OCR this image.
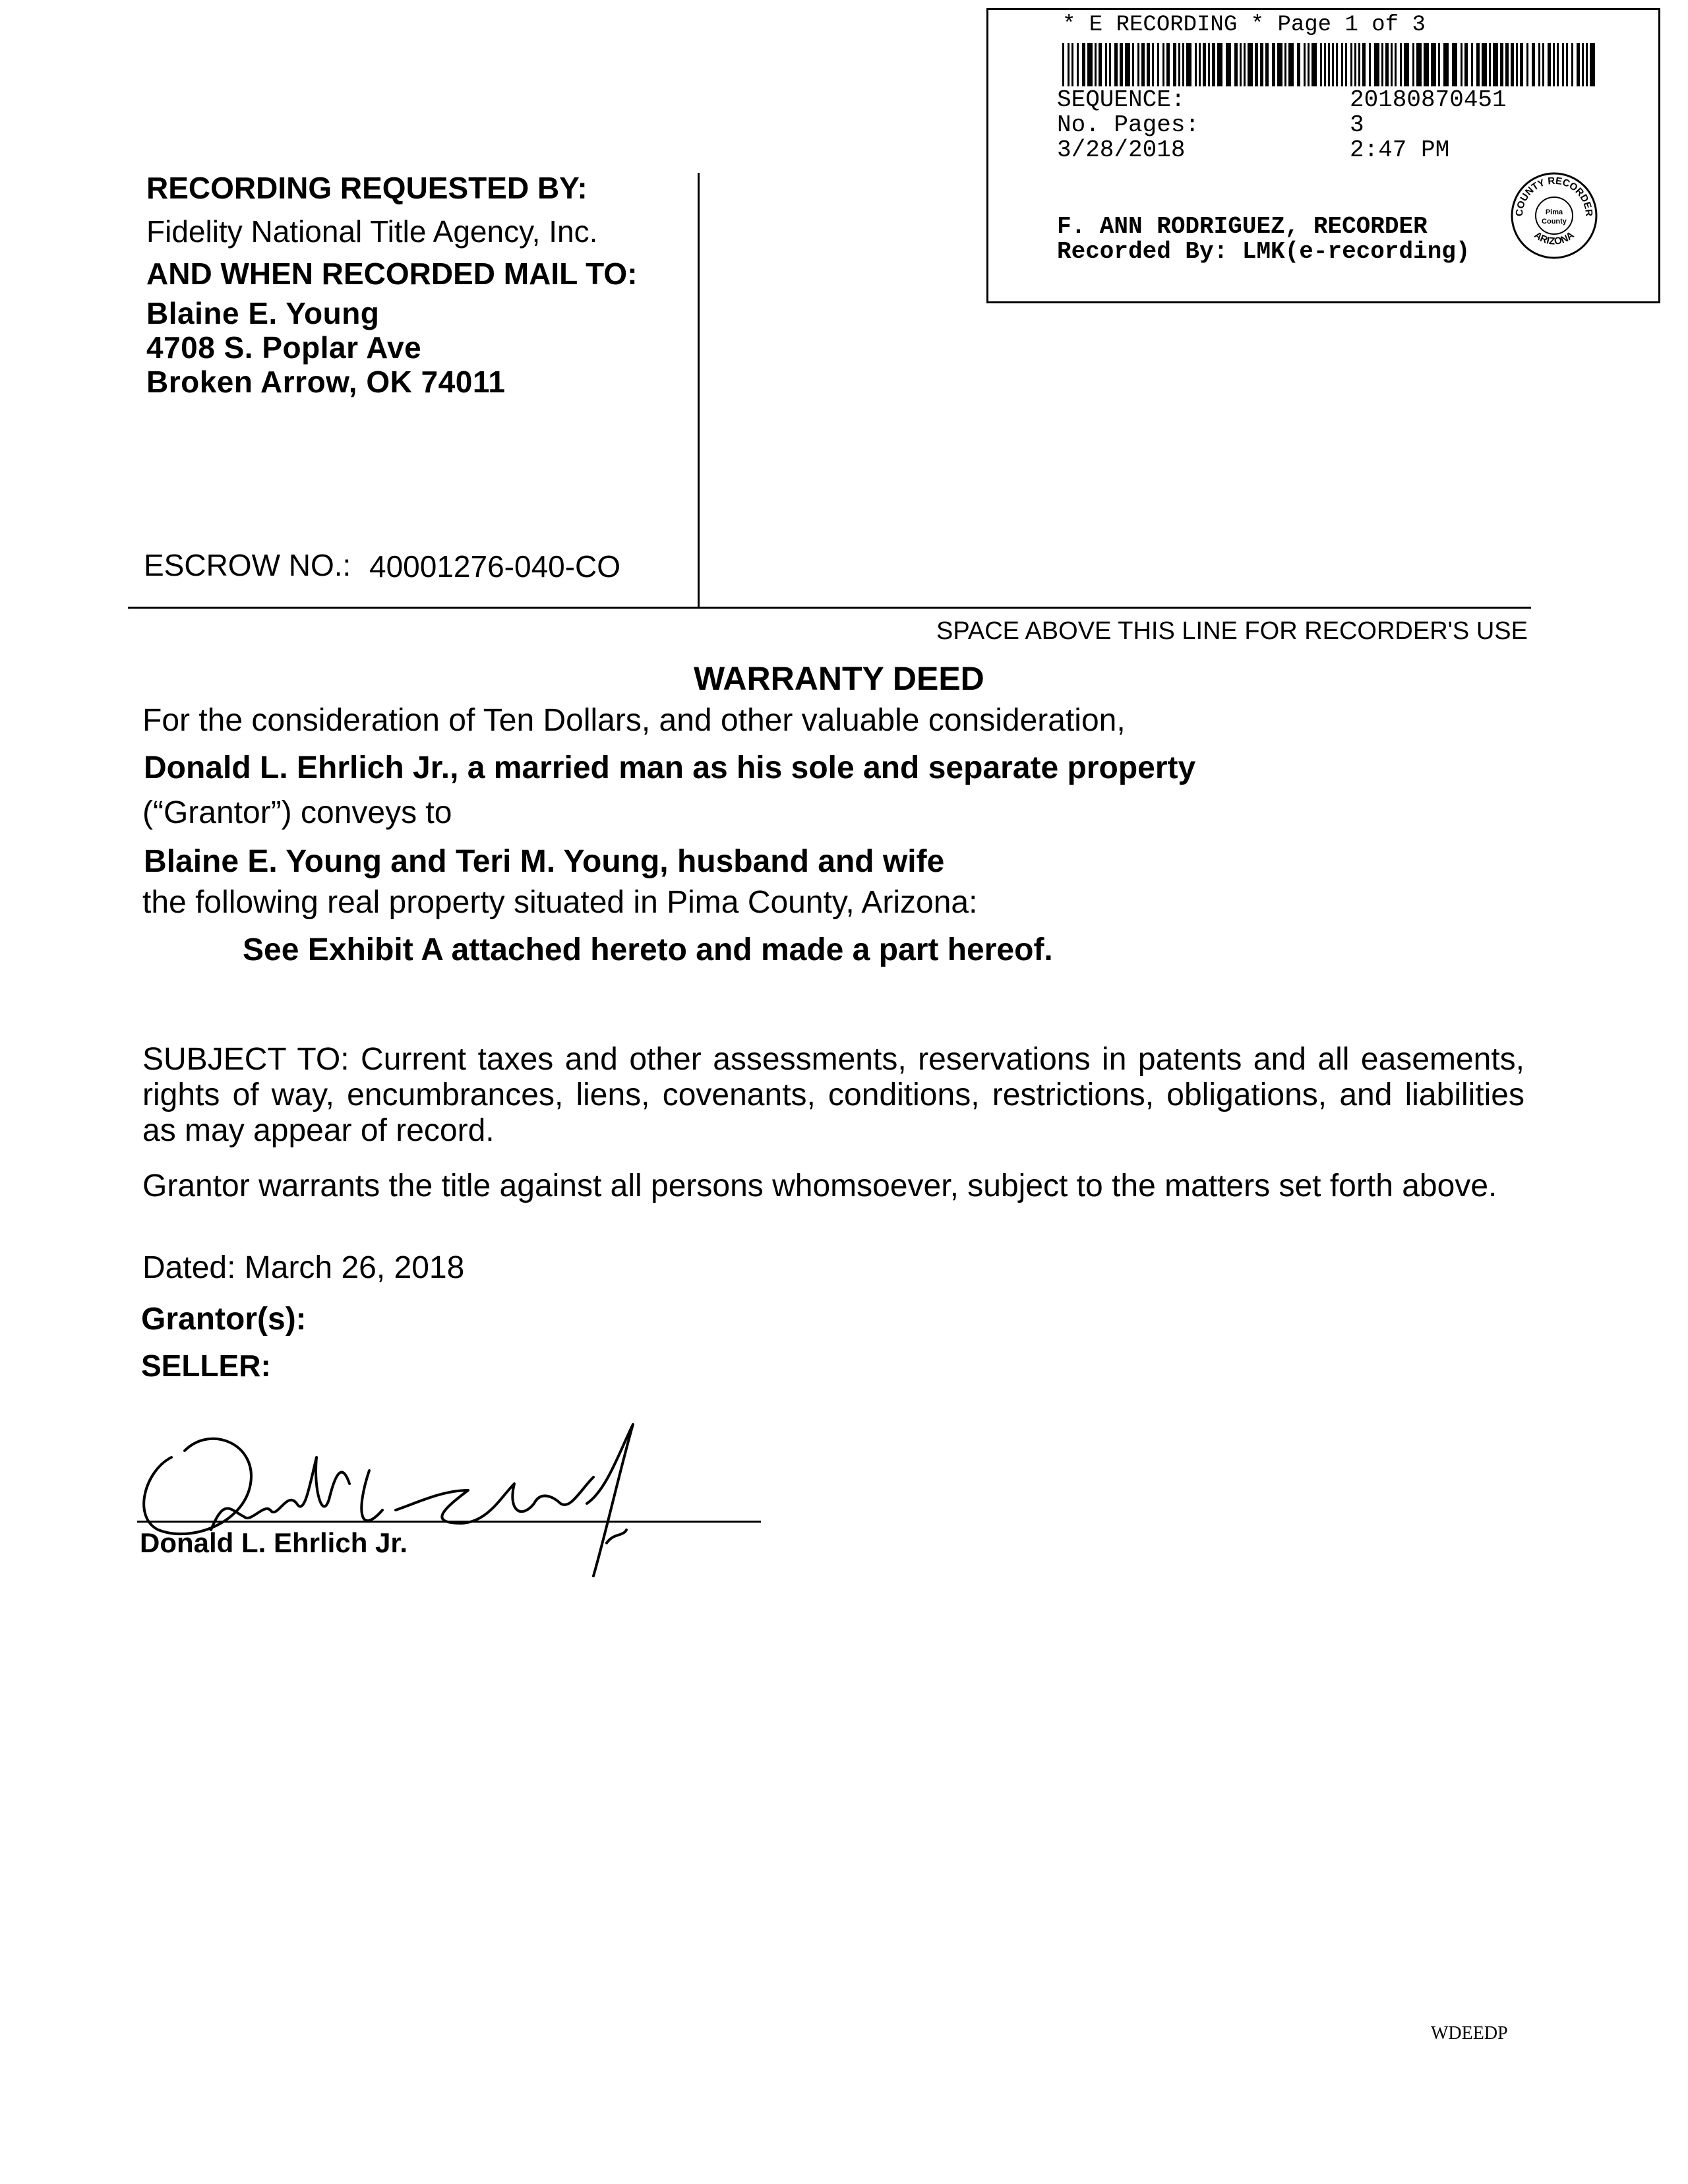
* E RECORDING * Page 1 of 3
SEQUENCE:	20180870451
No. Pages:	3
3/28/2018	2:47 PM
F. ANN RODRIGUEZ, RECORDER
Recorded By: LMK(e-recording)
COUNTY RECORDER
ARIZONA
Pima
County
RECORDING REQUESTED BY:
Fidelity National Title Agency, Inc.
AND WHEN RECORDED MAIL TO:
Blaine E. Young
4708 S. Poplar Ave
Broken Arrow, OK 74011
ESCROW NO.: 40001276-040-CO
SPACE ABOVE THIS LINE FOR RECORDER'S USE
WARRANTY DEED
For the consideration of Ten Dollars, and other valuable consideration,
Donald L. Ehrlich Jr., a married man as his sole and separate property
(“Grantor”) conveys to
Blaine E. Young and Teri M. Young, husband and wife
the following real property situated in Pima County, Arizona:
See Exhibit A attached hereto and made a part hereof.
SUBJECT TO: Current taxes and other assessments, reservations in patents and all easements, rights of way, encumbrances, liens, covenants, conditions, restrictions, obligations, and liabilities as may appear of record.
Grantor warrants the title against all persons whomsoever, subject to the matters set forth above.
Dated: March 26, 2018
Grantor(s):
SELLER:
Donald L. Ehrlich Jr.
WDEEDP
